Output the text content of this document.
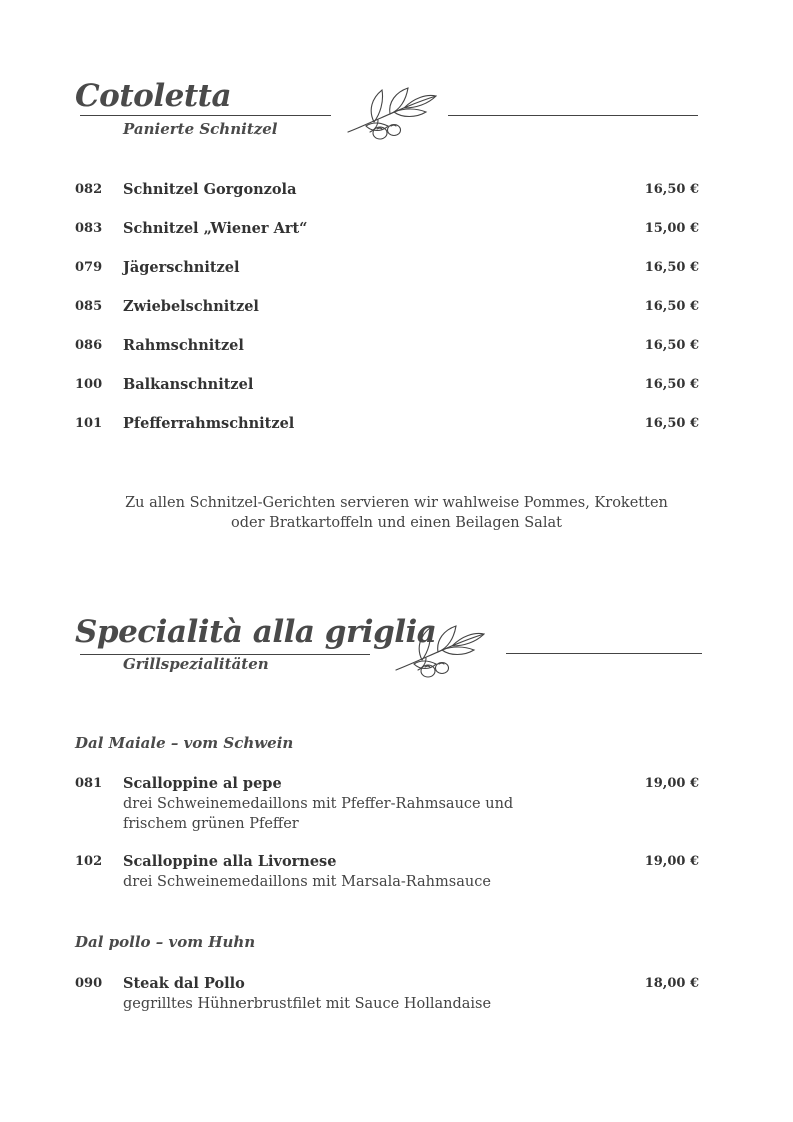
Cotoletta
Panierte Schnitzel
082 Schnitzel Gorgonzola	16,50 €
083 Schnitzel „Wiener Art“	15,00 €
079 Jägerschnitzel	16,50 €
085 Zwiebelschnitzel	16,50 €
086 Rahmschnitzel	16,50 €
100 Balkanschnitzel	16,50 €
101 Pfefferrahmschnitzel	16,50 €
Zu allen Schnitzel-Gerichten servieren wir wahlweise Pommes, Kroketten
oder Bratkartoffeln und einen Beilagen Salat
Specialità alla griglia
Grillspezialitäten
Dal Maiale – vom Schwein
081 Scalloppine al pepe	19,00 €
drei Schweinemedaillons mit Pfeffer-Rahmsauce und
frischem grünen Pfeffer
102 Scalloppine alla Livornese	19,00 €
drei Schweinemedaillons mit Marsala-Rahmsauce
Dal pollo – vom Huhn
090 Steak dal Pollo	18,00 €
gegrilltes Hühnerbrustfilet mit Sauce Hollandaise
